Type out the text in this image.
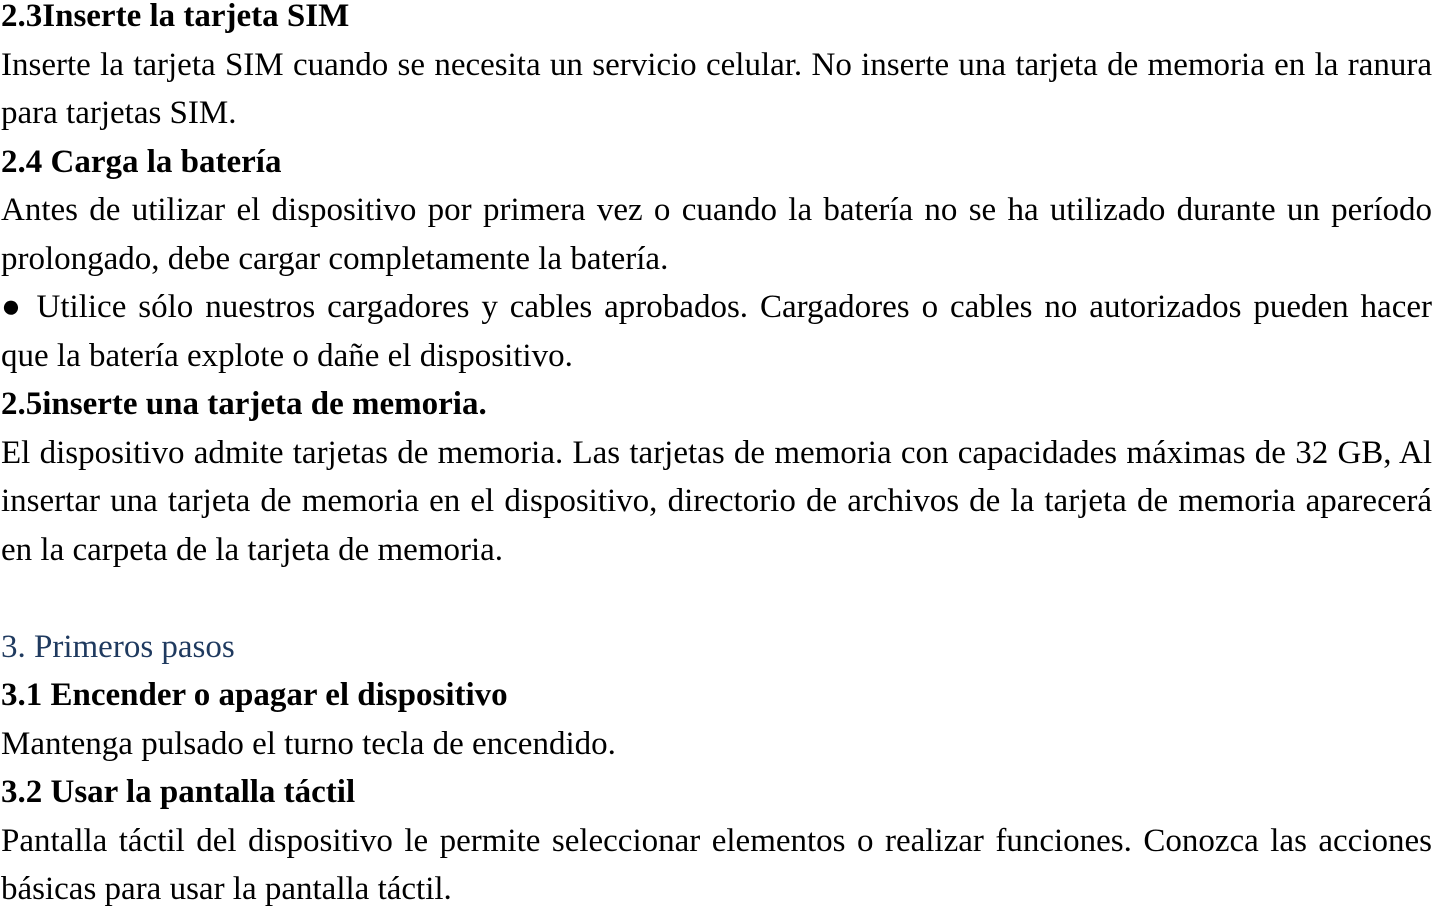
2.3Inserte la tarjeta SIM

Inserte la tarjeta SIM cuando se necesita un servicio celular. No inserte una tarjeta de memoria en la ranura para tarjetas SIM.

2.4 Carga la batería

Antes de utilizar el dispositivo por primera vez o cuando la batería no se ha utilizado durante un período prolongado, debe cargar completamente la batería.

● Utilice sólo nuestros cargadores y cables aprobados. Cargadores o cables no autorizados pueden hacer que la batería explote o dañe el dispositivo.

2.5inserte una tarjeta de memoria.

El dispositivo admite tarjetas de memoria. Las tarjetas de memoria con capacidades máximas de 32 GB, Al insertar una tarjeta de memoria en el dispositivo, directorio de archivos de la tarjeta de memoria aparecerá en la carpeta de la tarjeta de memoria.

3. Primeros pasos
3.1 Encender o apagar el dispositivo

Mantenga pulsado el turno tecla de encendido.

3.2 Usar la pantalla táctil

Pantalla táctil del dispositivo le permite seleccionar elementos o realizar funciones. Conozca las acciones básicas para usar la pantalla táctil.
